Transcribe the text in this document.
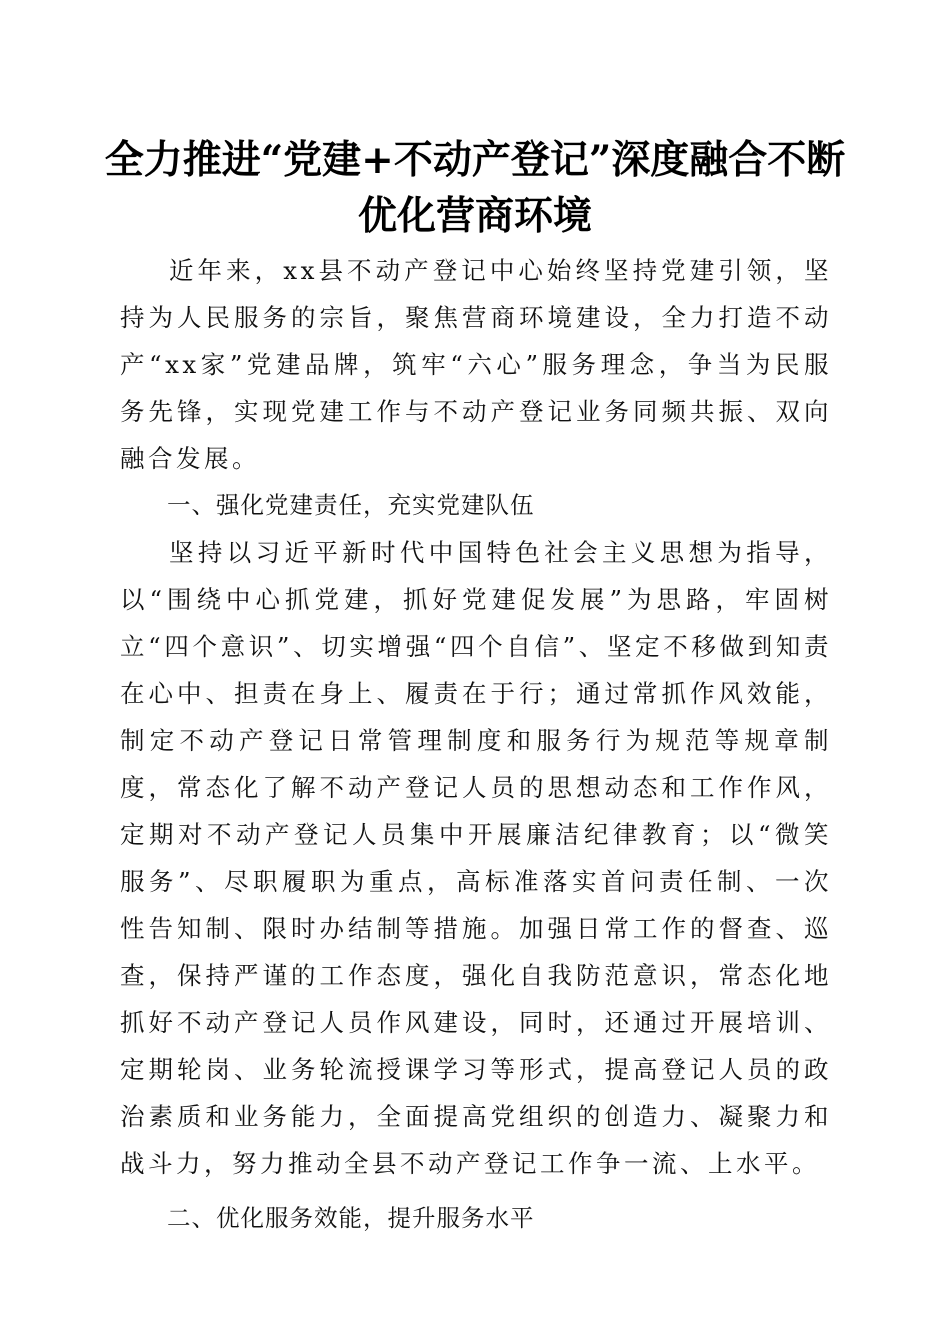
全力推进“党建+不动产登记”深度融合不断
优化营商环境

近年来，xx县不动产登记中心始终坚持党建引领，坚持为人民服务的宗旨，聚焦营商环境建设，全力打造不动产“xx家”党建品牌，筑牢“六心”服务理念，争当为民服务先锋，实现党建工作与不动产登记业务同频共振、双向融合发展。

一、强化党建责任，充实党建队伍

坚持以习近平新时代中国特色社会主义思想为指导，以“围绕中心抓党建，抓好党建促发展”为思路，牢固树立“四个意识”、切实增强“四个自信”、坚定不移做到知责在心中、担责在身上、履责在于行；通过常抓作风效能，制定不动产登记日常管理制度和服务行为规范等规章制度，常态化了解不动产登记人员的思想动态和工作作风，定期对不动产登记人员集中开展廉洁纪律教育；以“微笑服务”、尽职履职为重点，高标准落实首问责任制、一次性告知制、限时办结制等措施。加强日常工作的督查、巡查，保持严谨的工作态度，强化自我防范意识，常态化地抓好不动产登记人员作风建设，同时，还通过开展培训、定期轮岗、业务轮流授课学习等形式，提高登记人员的政治素质和业务能力，全面提高党组织的创造力、凝聚力和战斗力，努力推动全县不动产登记工作争一流、上水平。

二、优化服务效能，提升服务水平
